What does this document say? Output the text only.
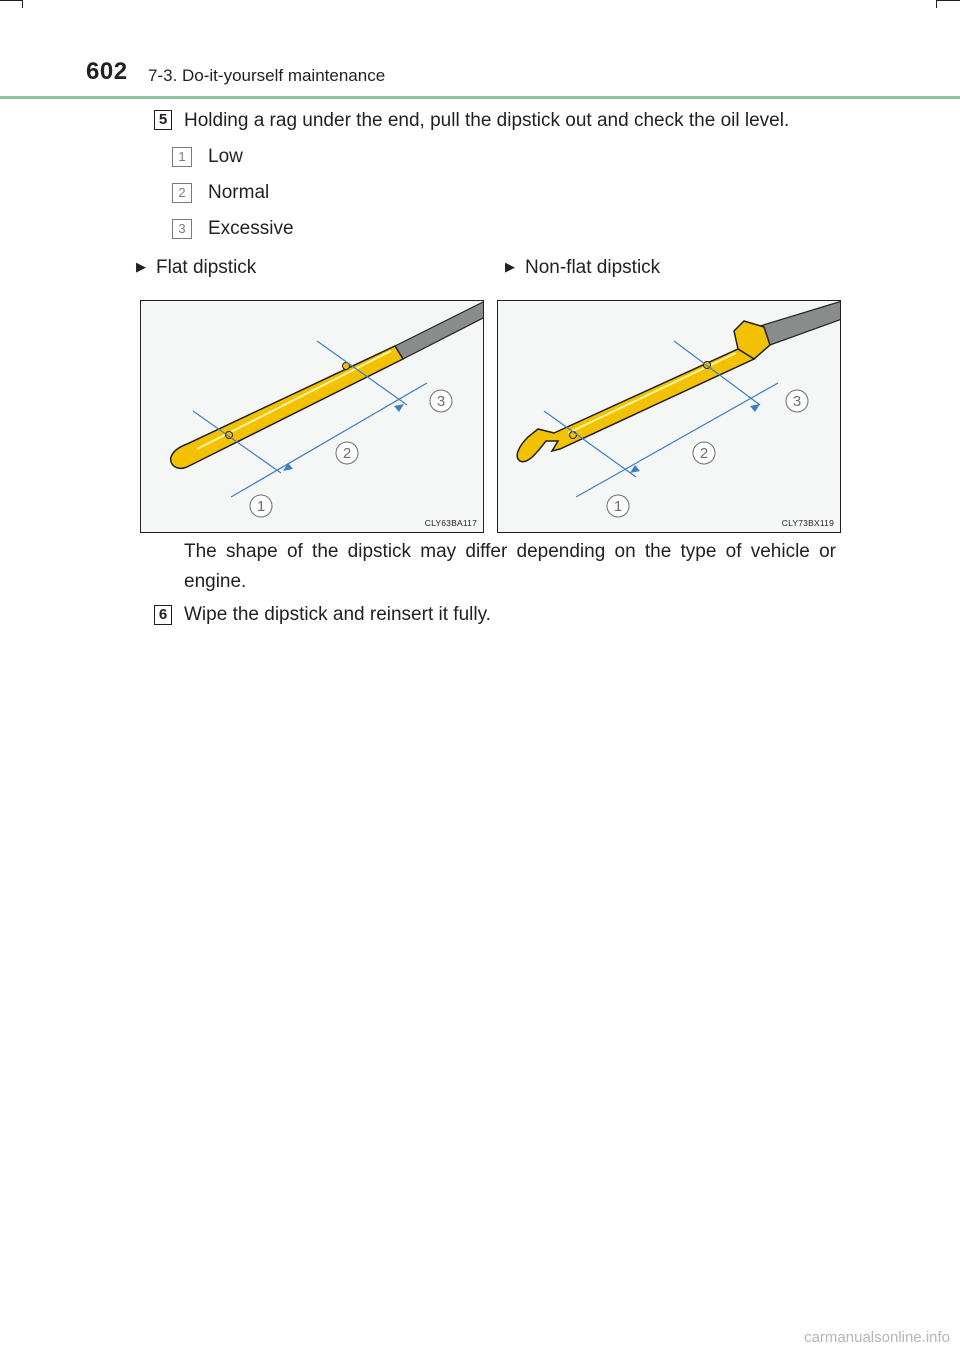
602 7-3. Do-it-yourself maintenance
5 Holding a rag under the end, pull the dipstick out and check the oil level.
1	Low
2	Normal
3	Excessive
▶ Flat dipstick	▶ Non-flat dipstick
1
2
3
CLY63BA117
1
2
3
CLY73BX119
The shape of the dipstick may differ depending on the type of vehicle or engine.
6 Wipe the dipstick and reinsert it fully.
carmanualsonline.info
